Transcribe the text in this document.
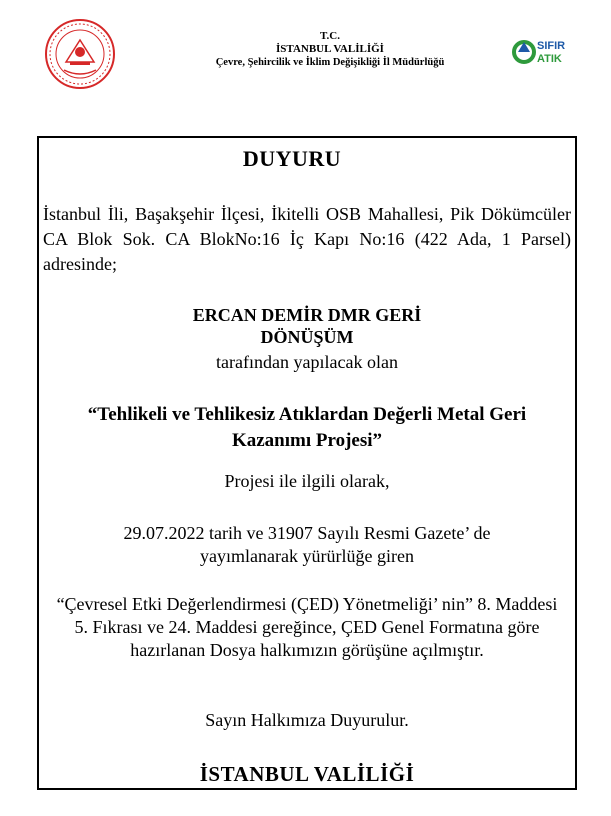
T.C.
İSTANBUL VALİLİĞİ
Çevre, Şehircilik ve İklim Değişikliği İl Müdürlüğü
SIFIR
ATIK
DUYURU
İstanbul İli, Başakşehir İlçesi, İkitelli OSB Mahallesi, Pik Dökümcüler CA Blok Sok. CA BlokNo:16 İç Kapı No:16 (422 Ada, 1 Parsel) adresinde;
ERCAN DEMİR DMR GERİ
DÖNÜŞÜM
tarafından yapılacak olan
“Tehlikeli ve Tehlikesiz Atıklardan Değerli Metal Geri Kazanımı Projesi”
Projesi ile ilgili olarak,
29.07.2022 tarih ve 31907 Sayılı Resmi Gazete’ de yayımlanarak yürürlüğe giren
“Çevresel Etki Değerlendirmesi (ÇED) Yönetmeliği’ nin” 8. Maddesi 5. Fıkrası ve 24. Maddesi gereğince, ÇED Genel Formatına göre hazırlanan Dosya halkımızın görüşüne açılmıştır.
Sayın Halkımıza Duyurulur.
İSTANBUL VALİLİĞİ
